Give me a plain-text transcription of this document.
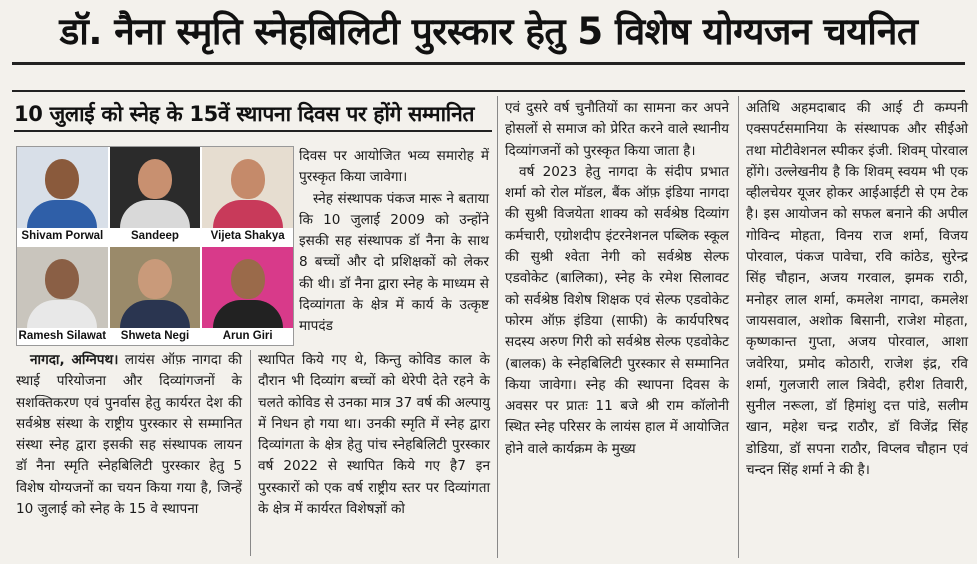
डॉ. नैना स्मृति स्नेहबिलिटी पुरस्कार हेतु 5 विशेष योग्यजन चयनित
10 जुलाई को स्नेह के 15वें स्थापना दिवस पर होंगे सम्मानित
Shivam Porwal	Sandeep	Vijeta Shakya
Ramesh Silawat	Shweta Negi	Arun Giri

दिवस पर आयोजित भव्य समारोह में पुरस्कृत किया जावेगा।

स्नेह संस्थापक पंकज मारू ने बताया कि 10 जुलाई 2009 को उन्होंने इसकी सह संस्थापक डॉ नैना के साथ 8 बच्चों और दो प्रशिक्षकों को लेकर की थी। डॉ नैना द्वारा स्नेह के माध्यम से दिव्यांगता के क्षेत्र में कार्य के उत्कृष्ट मापदंड

नागदा, अग्निपथ। लायंस ऑफ़ नागदा की स्थाई परियोजना और दिव्यांगजनों के सशक्तिकरण एवं पुनर्वास हेतु कार्यरत देश की सर्वश्रेष्ठ संस्था के राष्ट्रीय पुरस्कार से सम्मानित संस्था स्नेह द्वारा इसकी सह संस्थापक लायन डॉ नैना स्मृति स्नेहबिलिटी पुरस्कार हेतु 5 विशेष योग्यजनों का चयन किया गया है, जिन्हें 10 जुलाई को स्नेह के 15 वे स्थापना

स्थापित किये गए थे, किन्तु कोविड काल के दौरान भी दिव्यांग बच्चों को थेरेपी देते रहने के चलते कोविड से उनका मात्र 37 वर्ष की अल्पायु में निधन हो गया था। उनकी स्मृति में स्नेह द्वारा दिव्यांगता के क्षेत्र हेतु पांच स्नेहबिलिटी पुरस्कार वर्ष 2022 से स्थापित किये गए है7 इन पुरस्कारों को एक वर्ष राष्ट्रीय स्तर पर दिव्यांगता के क्षेत्र में कार्यरत विशेषज्ञों को

एवं दुसरे वर्ष चुनौतियों का सामना कर अपने होसलों से समाज को प्रेरित करने वाले स्थानीय दिव्यांगजनों को पुरस्कृत किया जाता है।

वर्ष 2023 हेतु नागदा के संदीप प्रभात शर्मा को रोल मॉडल, बैंक ऑफ़ इंडिया नागदा की सुश्री विजयेता शाक्य को सर्वश्रेष्ठ दिव्यांग कर्मचारी, एग्रोशदीप इंटरनेशनल पब्लिक स्कूल की सुश्री श्वेता नेगी को सर्वश्रेष्ठ सेल्फ एडवोकेट (बालिका), स्नेह के रमेश सिलावट को सर्वश्रेष्ठ विशेष शिक्षक एवं सेल्फ एडवोकेट फोरम ऑफ़ इंडिया (साफी) के कार्यपरिषद सदस्य अरुण गिरी को सर्वश्रेष्ठ सेल्फ एडवोकेट (बालक) के स्नेहबिलिटी पुरस्कार से सम्मानित किया जावेगा। स्नेह की स्थापना दिवस के अवसर पर प्रातः 11 बजे श्री राम कॉलोनी स्थित स्नेह परिसर के लायंस हाल में आयोजित होने वाले कार्यक्रम के मुख्य

अतिथि अहमदाबाद की आई टी कम्पनी एक्सपर्टसमानिया के संस्थापक और सीईओ तथा मोटीवेशनल स्पीकर इंजी. शिवम् पोरवाल होंगे। उल्लेखनीय है कि शिवम् स्वयम भी एक व्हीलचेयर यूजर होकर आईआईटी से एम टेक है। इस आयोजन को सफल बनाने की अपील गोविन्द मोहता, विनय राज शर्मा, विजय पोरवाल, पंकज पावेचा, रवि कांठेड, सुरेन्द्र सिंह चौहान, अजय गरवाल, झमक राठी, मनोहर लाल शर्मा, कमलेश नागदा, कमलेश जायसवाल, अशोक बिसानी, राजेश मोहता, कृष्णकान्त गुप्ता, अजय पोरवाल, आशा जवेरिया, प्रमोद कोठारी, राजेश इंद्र, रवि शर्मा, गुलजारी लाल त्रिवेदी, हरीश तिवारी, सुनील नरूला, डॉ हिमांशु दत्त पांडे, सलीम खान, महेश चन्द्र राठौर, डॉ विजेंद्र सिंह डोडिया, डॉ सपना राठौर, विप्लव चौहान एवं चन्दन सिंह शर्मा ने की है।
